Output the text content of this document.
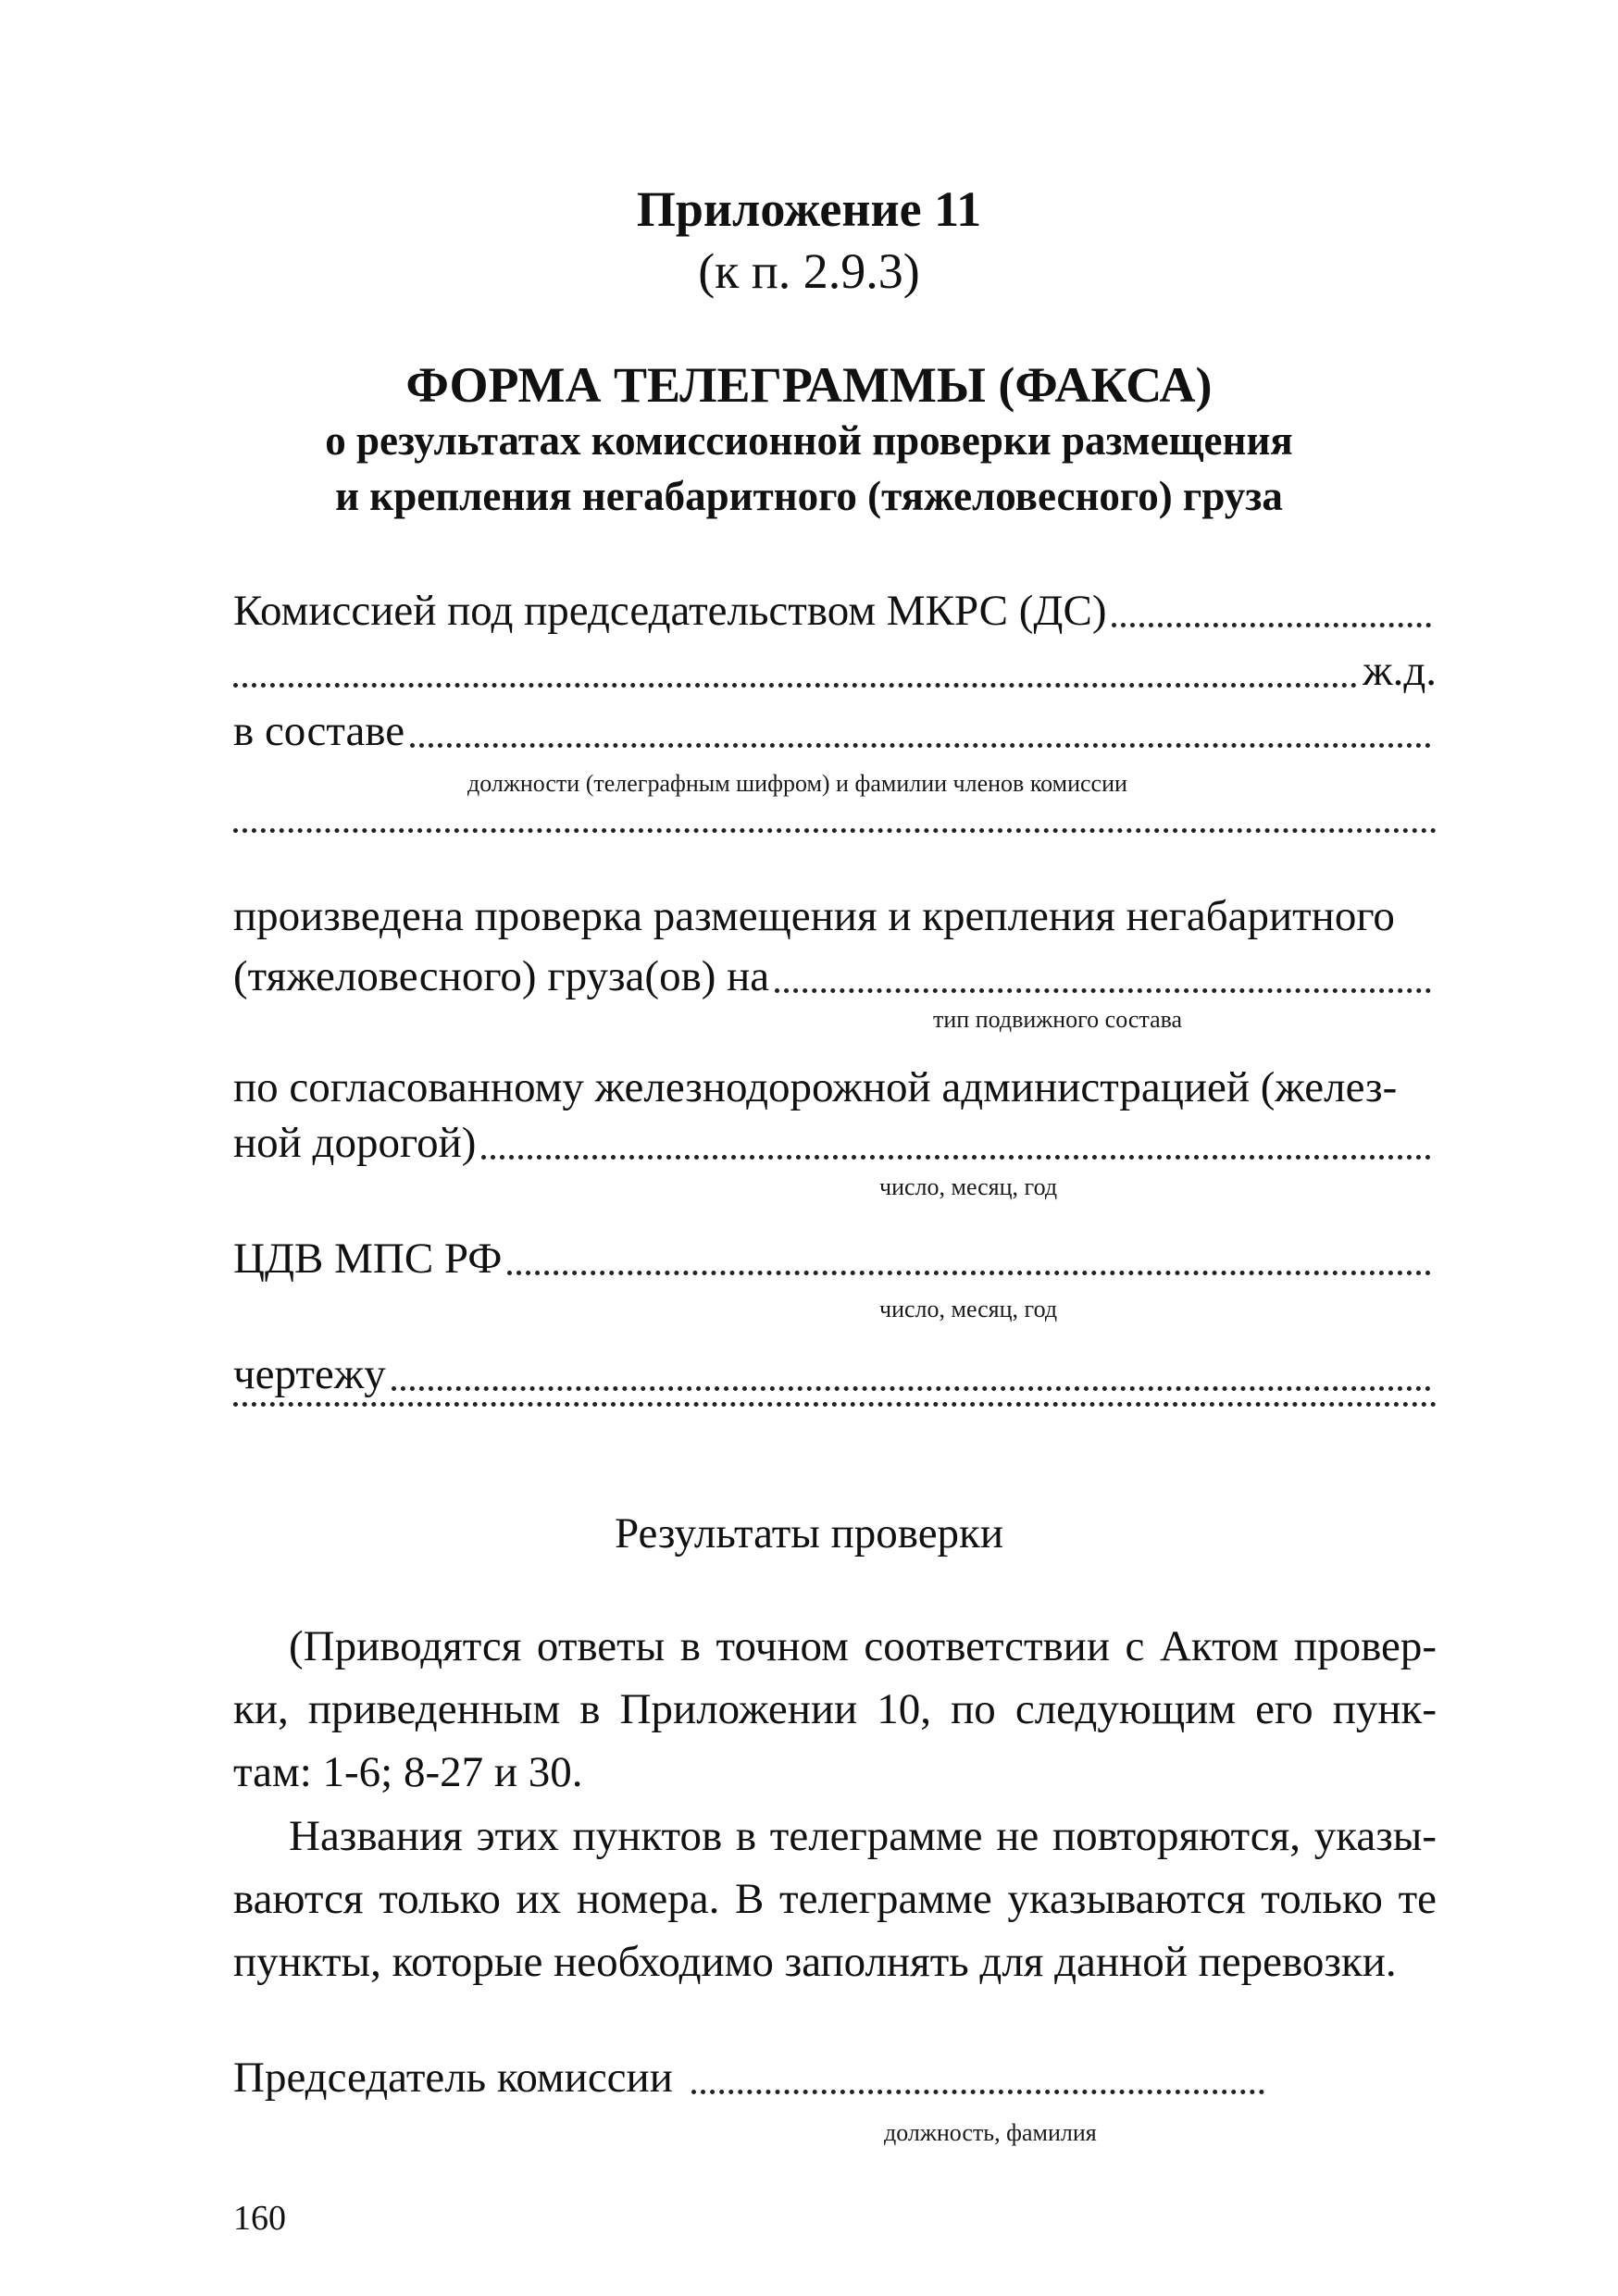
Приложение 11
(к п. 2.9.3)
ФОРМА ТЕЛЕГРАММЫ (ФАКСА)
о результатах комиссионной проверки размещения
и крепления негабаритного (тяжеловесного) груза
Комиссией под председательством МКРС (ДС)
ж.д.
в составе
должности (телеграфным шифром) и фамилии членов комиссии
произведена проверка размещения и крепления негабаритного
(тяжеловесного) груза(ов) на
тип подвижного состава
по согласованному железнодорожной администрацией (желез-
ной дорогой)
число, месяц, год
ЦДВ МПС РФ
число, месяц, год
чертежу
Результаты проверки
(Приводятся ответы в точном соответствии с Актом провер-ки, приведенным в Приложении 10, по следующим его пунк-там: 1-6; 8-27 и 30.
Названия этих пунктов в телеграмме не повторяются, указы-ваются только их номера. В телеграмме указываются только те пункты, которые необходимо заполнять для данной перевозки.
Председатель комиссии
должность, фамилия
160
